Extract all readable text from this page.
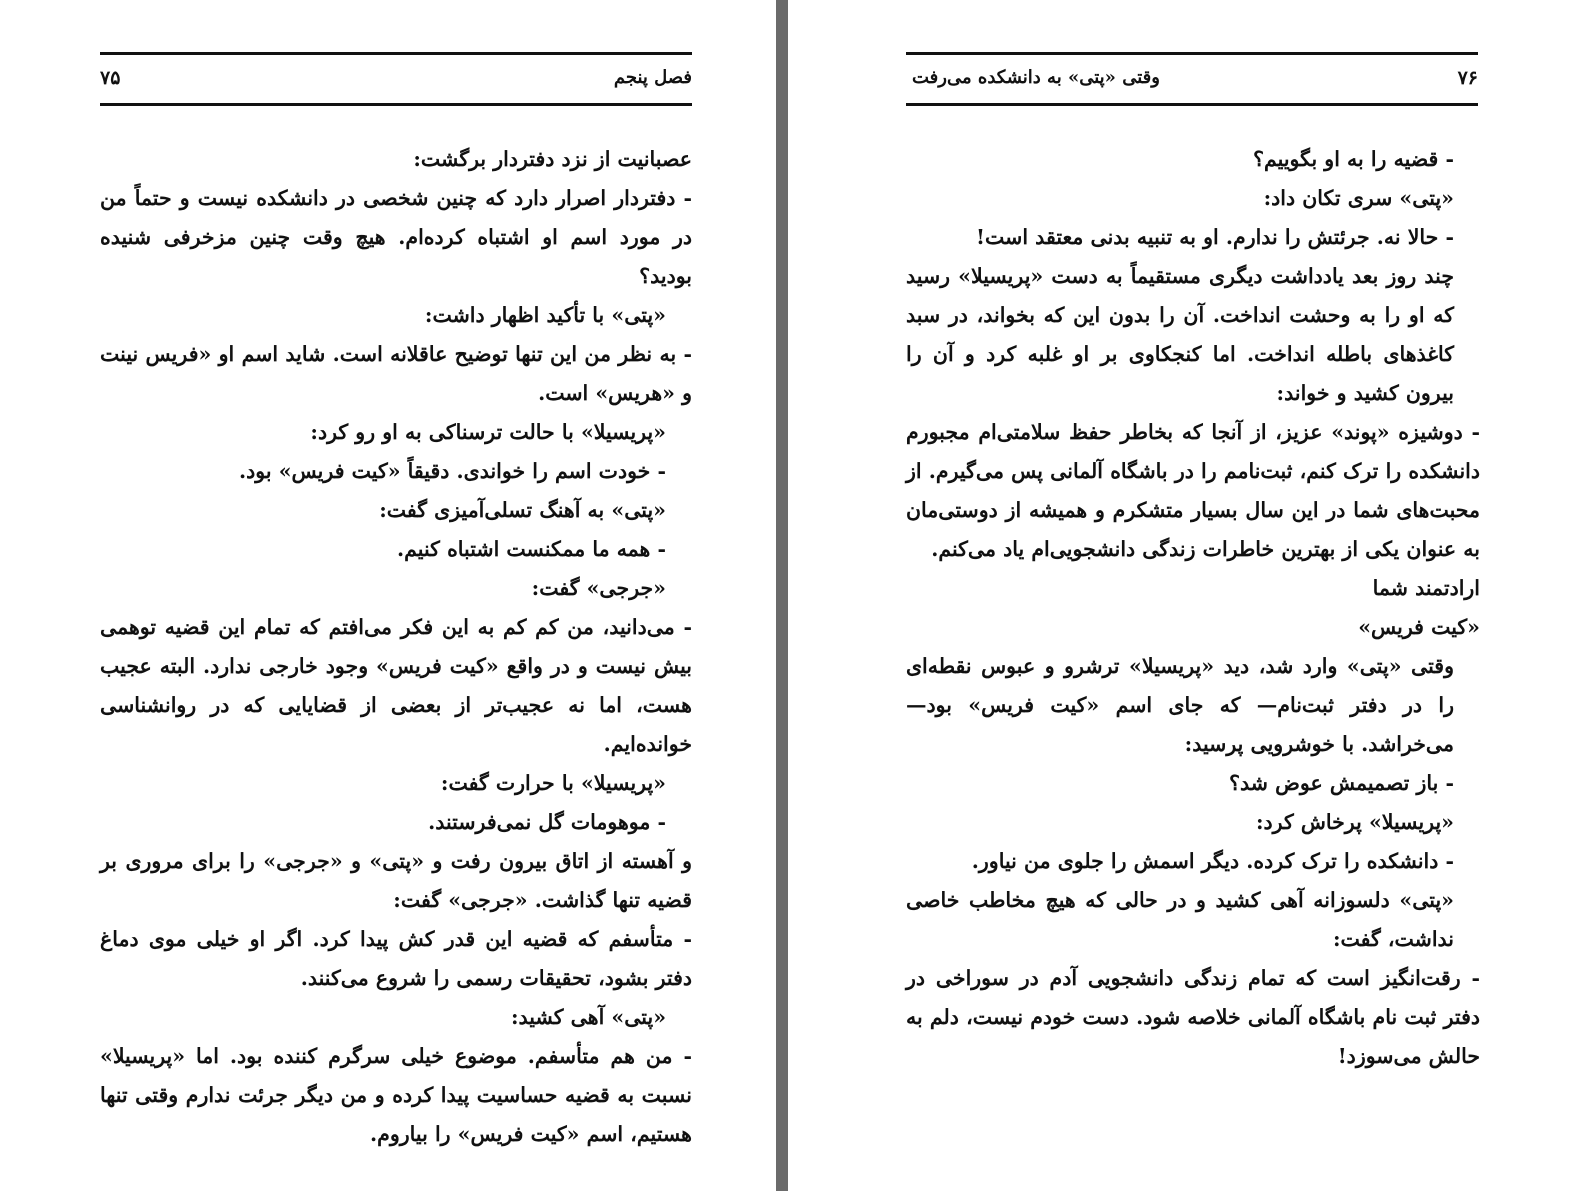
۷۵	فصل پنجم

عصبانیت از نزد دفتردار برگشت:

- دفتردار اصرار دارد که چنین شخصی در دانشکده نیست و حتماً من در مورد اسم او اشتباه کرده‌ام. هیچ وقت چنین مزخرفی شنیده بودید؟

«پتی» با تأکید اظهار داشت:

- به نظر من این تنها توضیح عاقلانه است. شاید اسم او «فریس نینت و «هریس» است.

«پریسیلا» با حالت ترسناکی به او رو کرد:

- خودت اسم را خواندی. دقیقاً «کیت فریس» بود.

«پتی» به آهنگ تسلی‌آمیزی گفت:

- همه ما ممکنست اشتباه کنیم.

«جرجی» گفت:

- می‌دانید، من کم کم به این فکر می‌افتم که تمام این قضیه توهمی بیش نیست و در واقع «کیت فریس» وجود خارجی ندارد. البته عجیب هست، اما نه عجیب‌تر از بعضی از قضایایی که در روانشناسی خوانده‌ایم.

«پریسیلا» با حرارت گفت:

- موهومات گل نمی‌فرستند.

و آهسته از اتاق بیرون رفت و «پتی» و «جرجی» را برای مروری بر قضیه تنها گذاشت. «جرجی» گفت:

- متأسفم که قضیه این قدر کش پیدا کرد. اگر او خیلی موی دماغ دفتر بشود، تحقیقات رسمی را شروع می‌کنند.

«پتی» آهی کشید:

- من هم متأسفم. موضوع خیلی سرگرم کننده بود. اما «پریسیلا» نسبت به قضیه حساسیت پیدا کرده و من دیگر جرئت ندارم وقتی تنها هستیم، اسم «کیت فریس» را بیاروم.

وقتی «پتی» به دانشکده می‌رفت	۷۶

- قضیه را به او بگوییم؟

«پتی» سری تکان داد:

- حالا نه. جرئتش را ندارم. او به تنبیه بدنی معتقد است!

چند روز بعد یادداشت دیگری مستقیماً به دست «پریسیلا» رسید که او را به وحشت انداخت. آن را بدون این که بخواند، در سبد کاغذهای باطله انداخت. اما کنجکاوی بر او غلبه کرد و آن را بیرون کشید و خواند:

- دوشیزه «پوند» عزیز، از آنجا که بخاطر حفظ سلامتی‌ام مجبورم دانشکده را ترک کنم، ثبت‌نامم را در باشگاه آلمانی پس می‌گیرم. از محبت‌های شما در این سال بسیار متشکرم و همیشه از دوستی‌مان به عنوان یکی از بهترین خاطرات زندگی دانشجویی‌ام یاد می‌کنم.

ارادتمند شما

«کیت فریس»

وقتی «پتی» وارد شد، دید «پریسیلا» ترشرو و عبوس نقطه‌ای را در دفتر ثبت‌نام— که جای اسم «کیت فریس» بود— می‌خراشد. با خوشرویی پرسید:

- باز تصمیمش عوض شد؟

«پریسیلا» پرخاش کرد:

- دانشکده را ترک کرده. دیگر اسمش را جلوی من نیاور.

«پتی» دلسوزانه آهی کشید و در حالی که هیچ مخاطب خاصی نداشت، گفت:

- رقت‌انگیز است که تمام زندگی دانشجویی آدم در سوراخی در دفتر ثبت نام باشگاه آلمانی خلاصه شود. دست خودم نیست، دلم به حالش می‌سوزد!
